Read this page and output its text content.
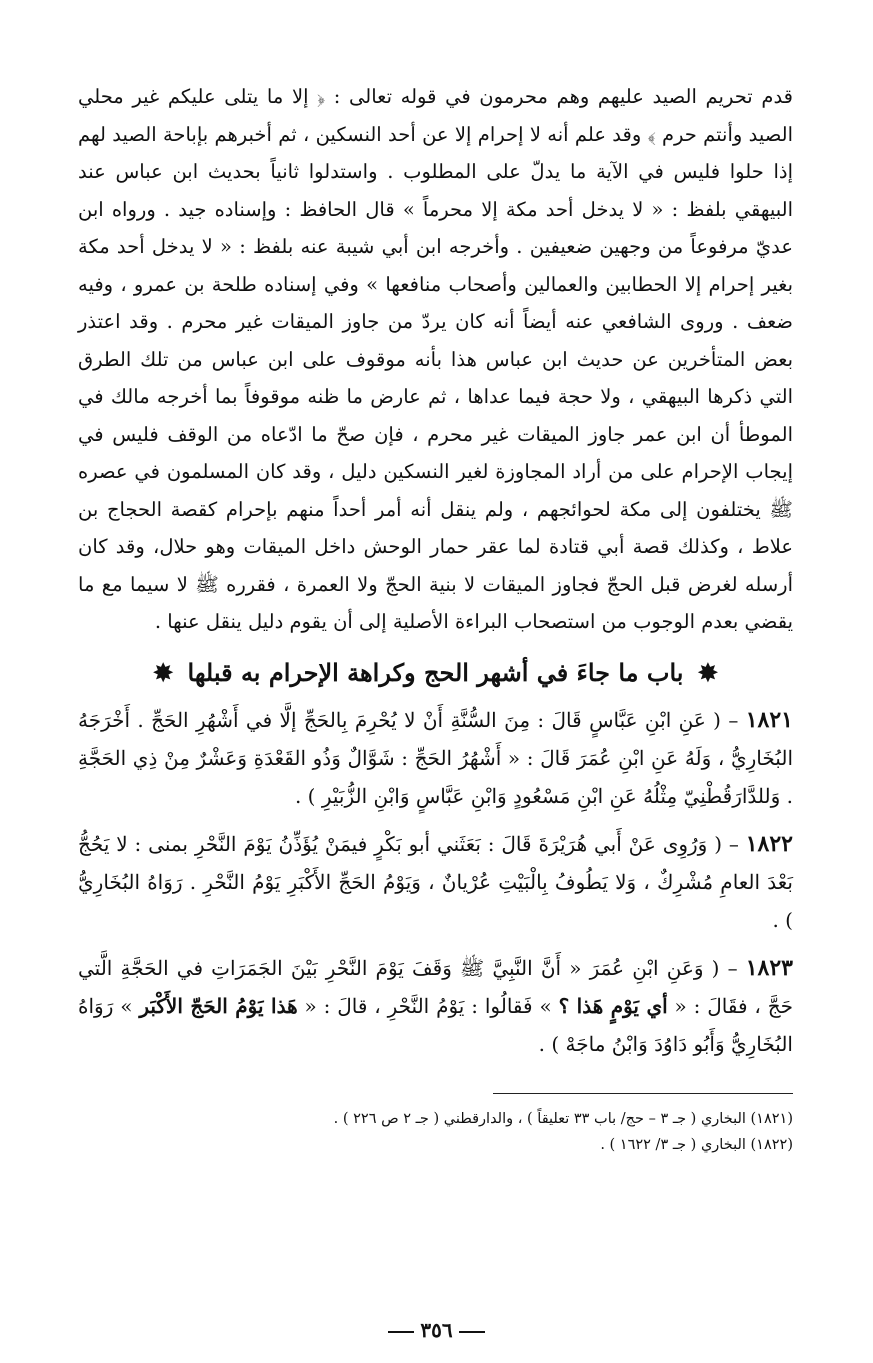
قدم تحريم الصيد عليهم وهم محرمون في قوله تعالى : ﴿ إلا ما يتلى عليكم غير محلي الصيد وأنتم حرم ﴾ وقد علم أنه لا إحرام إلا عن أحد النسكين ، ثم أخبرهم بإباحة الصيد لهم إذا حلوا فليس في الآية ما يدلّ على المطلوب . واستدلوا ثانياً بحديث ابن عباس عند البيهقي بلفظ : « لا يدخل أحد مكة إلا محرماً » قال الحافظ : وإسناده جيد . ورواه ابن عديّ مرفوعاً من وجهين ضعيفين . وأخرجه ابن أبي شيبة عنه بلفظ : « لا يدخل أحد مكة بغير إحرام إلا الحطابين والعمالين وأصحاب منافعها » وفي إسناده طلحة بن عمرو ، وفيه ضعف . وروى الشافعي عنه أيضاً أنه كان يردّ من جاوز الميقات غير محرم . وقد اعتذر بعض المتأخرين عن حديث ابن عباس هذا بأنه موقوف على ابن عباس من تلك الطرق التي ذكرها البيهقي ، ولا حجة فيما عداها ، ثم عارض ما ظنه موقوفاً بما أخرجه مالك في الموطأ أن ابن عمر جاوز الميقات غير محرم ، فإن صحّ ما ادّعاه من الوقف فليس في إيجاب الإحرام على من أراد المجاوزة لغير النسكين دليل ، وقد كان المسلمون في عصره ﷺ يختلفون إلى مكة لحوائجهم ، ولم ينقل أنه أمر أحداً منهم بإحرام كقصة الحجاج بن علاط ، وكذلك قصة أبي قتادة لما عقر حمار الوحش داخل الميقات وهو حلال، وقد كان أرسله لغرض قبل الحجّ فجاوز الميقات لا بنية الحجّ ولا العمرة ، فقرره ﷺ لا سيما مع ما يقضي بعدم الوجوب من استصحاب البراءة الأصلية إلى أن يقوم دليل ينقل عنها .

✸ باب ما جاءَ في أشهر الحج وكراهة الإحرام به قبلها ✸

١٨٢١ – ( عَنِ ابْنِ عَبَّاسٍ قَالَ : مِنَ السُّنَّةِ أَنْ لا يُحْرِمَ بِالحَجِّ إلَّا في أَشْهُرِ الحَجِّ . أَخْرَجَهُ البُخَارِيُّ ، وَلَهُ عَنِ ابْنِ عُمَرَ قَالَ : « أَشْهُرُ الحَجِّ : شَوَّالٌ وَذُو القَعْدَةِ وَعَشْرٌ مِنْ ذِي الحَجَّةِ . وَللدَّارَقُطْنِيّ مِثْلُهُ عَنِ ابْنِ مَسْعُودٍ وَابْنِ عَبَّاسٍ وَابْنِ الزُّبَيْرِ ) .

١٨٢٢ – ( وَرُوِى عَنْ أَبي هُرَيْرَةَ قَالَ : بَعَثَني أبو بَكْرٍ فيمَنْ يُؤَذِّنُ يَوْمَ النَّحْرِ بمنى : لا يَحُجُّ بَعْدَ العامِ مُشْرِكٌ ، وَلا يَطُوفُ بِالْبَيْتِ عُرْيانٌ ، وَيَوْمُ الحَجِّ الأَكْبَرِ يَوْمُ النَّحْرِ . رَوَاهُ البُخَارِيُّ ) .

١٨٢٣ – ( وَعَنِ ابْنِ عُمَرَ « أَنَّ النَّبِيَّ ﷺ وَقَفَ يَوْمَ النَّحْرِ بَيْنَ الجَمَرَاتِ في الحَجَّةِ الَّتي حَجَّ ، فقَالَ : « أي يَوْمٍ هَذا ؟ » فَقالُوا : يَوْمُ النَّحْرِ ، قالَ : « هَذا يَوْمُ الحَجّ الأَكْبَر » رَوَاهُ البُخَارِيُّ وَأَبُو دَاوُدَ وَابْنُ ماجَهْ ) .

(١٨٢١) البخاري ( جـ ٣ – حج/ باب ٣٣ تعليقاً ) ، والدارقطني ( جـ ٢ ص ٢٢٦ ) .

(١٨٢٢) البخاري ( جـ ٣/ ١٦٢٢ ) .

٣٥٦
